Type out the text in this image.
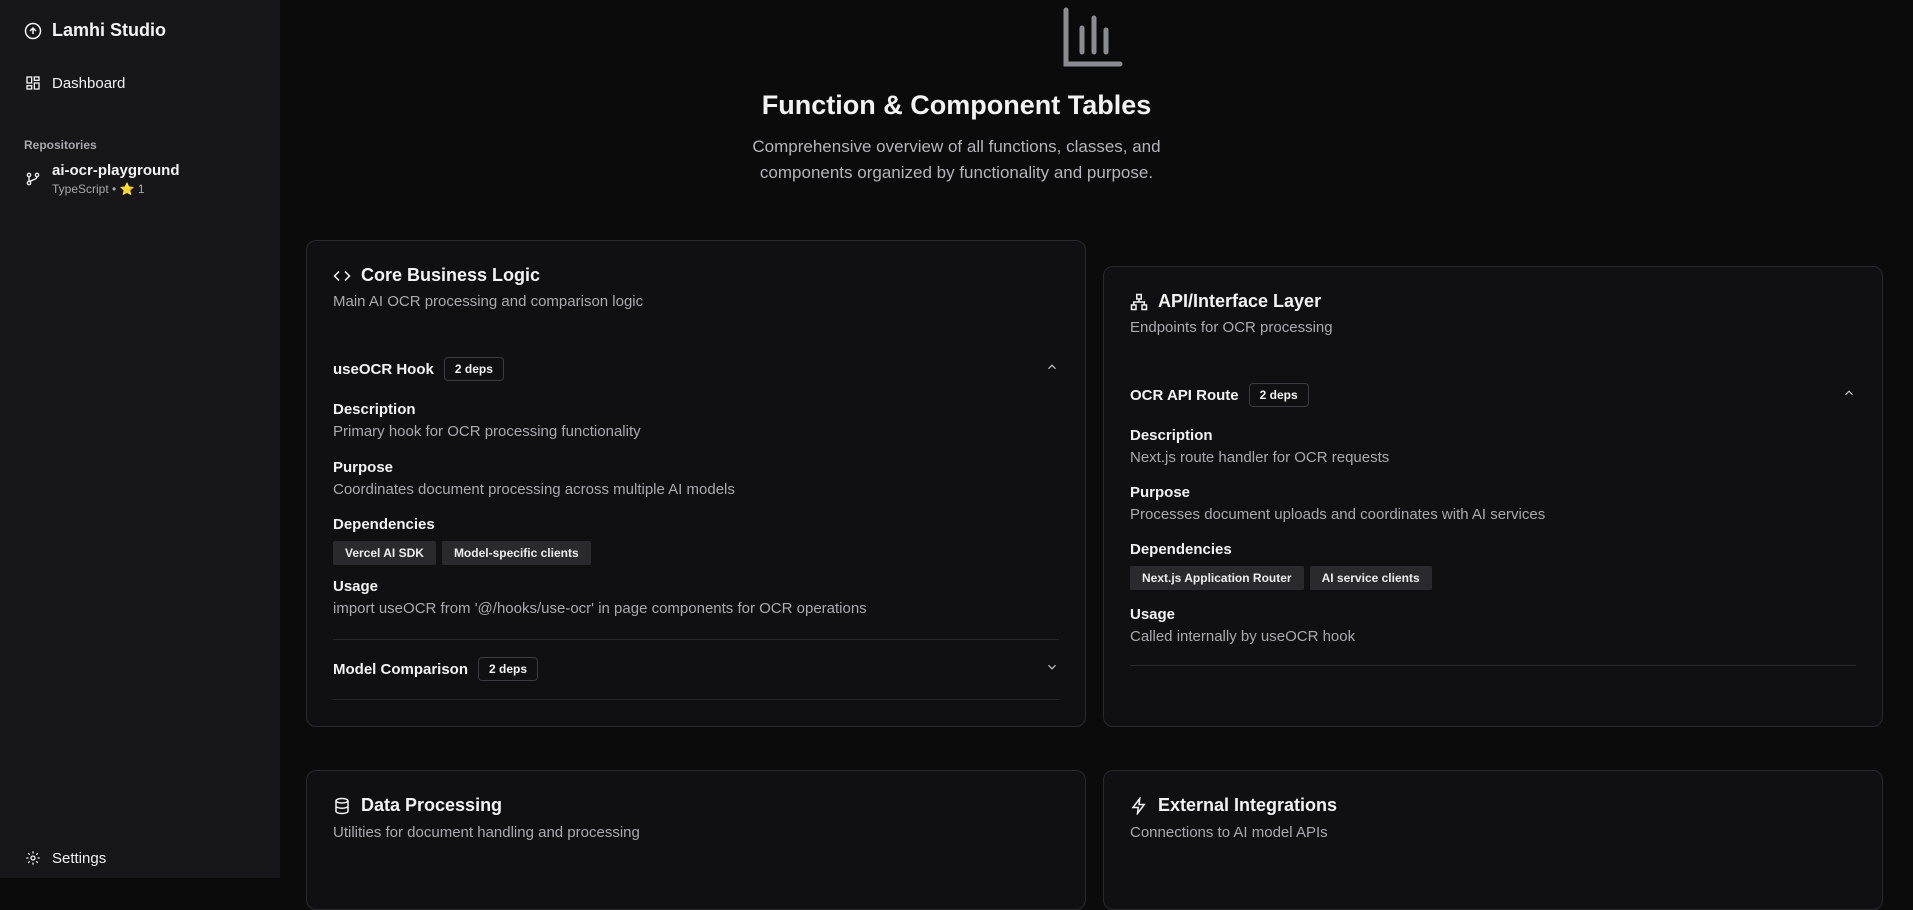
Lamhi Studio
Dashboard
Repositories
ai-ocr-playground
TypeScript • ⭐ 1
Settings
Function & Component Tables
Comprehensive overview of all functions, classes, and
components organized by functionality and purpose.
Core Business Logic
Main AI OCR processing and comparison logic
useOCR Hook	2 deps
Description
Primary hook for OCR processing functionality
Purpose
Coordinates document processing across multiple AI models
Dependencies
Vercel AI SDK	Model-specific clients
Usage
import useOCR from '@/hooks/use-ocr' in page components for OCR operations
Model Comparison	2 deps
API/Interface Layer
Endpoints for OCR processing
OCR API Route	2 deps
Description
Next.js route handler for OCR requests
Purpose
Processes document uploads and coordinates with AI services
Dependencies
Next.js Application Router	AI service clients
Usage
Called internally by useOCR hook
Data Processing
Utilities for document handling and processing
External Integrations
Connections to AI model APIs
